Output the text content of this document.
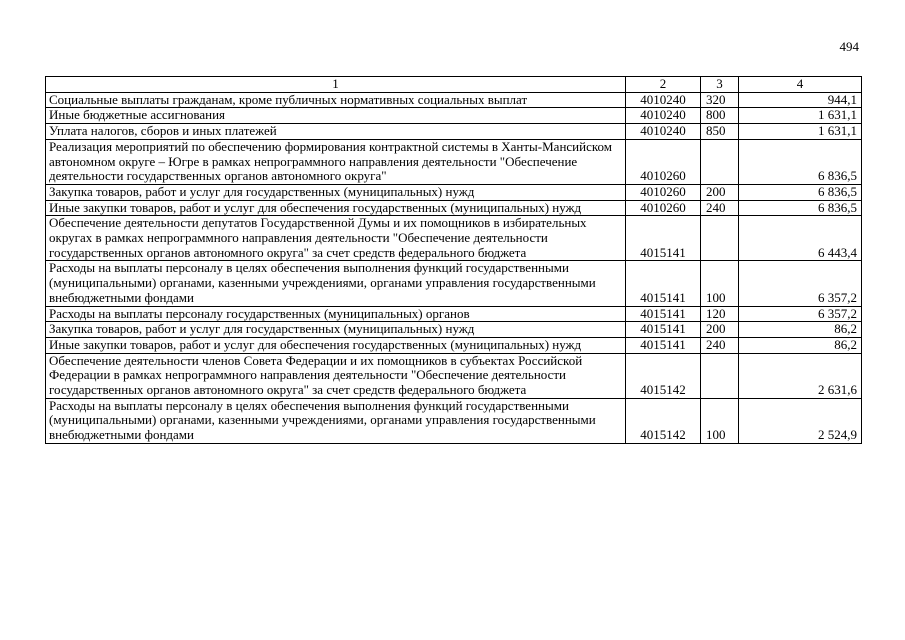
494
1	2	3	4
Социальные выплаты гражданам, кроме публичных нормативных социальных выплат	4010240	320	944,1
Иные бюджетные ассигнования	4010240	800	1 631,1
Уплата налогов, сборов и иных платежей	4010240	850	1 631,1
Реализация мероприятий по обеспечению формирования контрактной системы в Ханты-Мансийском автономном округе – Югре в рамках непрограммного направления деятельности "Обеспечение деятельности государственных органов автономного округа"	4010260		6 836,5
Закупка товаров, работ и услуг для государственных (муниципальных) нужд	4010260	200	6 836,5
Иные закупки товаров, работ и услуг для обеспечения государственных (муниципальных) нужд	4010260	240	6 836,5
Обеспечение деятельности депутатов Государственной Думы и их помощников в избирательных округах в рамках непрограммного направления деятельности "Обеспечение деятельности государственных органов автономного округа" за счет средств федерального бюджета	4015141		6 443,4
Расходы на выплаты персоналу в целях обеспечения выполнения функций государственными (муниципальными) органами, казенными учреждениями, органами управления государственными внебюджетными фондами	4015141	100	6 357,2
Расходы на выплаты персоналу государственных (муниципальных) органов	4015141	120	6 357,2
Закупка товаров, работ и услуг для государственных (муниципальных) нужд	4015141	200	86,2
Иные закупки товаров, работ и услуг для обеспечения государственных (муниципальных) нужд	4015141	240	86,2
Обеспечение деятельности членов Совета Федерации и их помощников в субъектах Российской Федерации в рамках непрограммного направления деятельности "Обеспечение деятельности государственных органов автономного округа" за счет средств федерального бюджета	4015142		2 631,6
Расходы на выплаты персоналу в целях обеспечения выполнения функций государственными (муниципальными) органами, казенными учреждениями, органами управления государственными внебюджетными фондами	4015142	100	2 524,9
